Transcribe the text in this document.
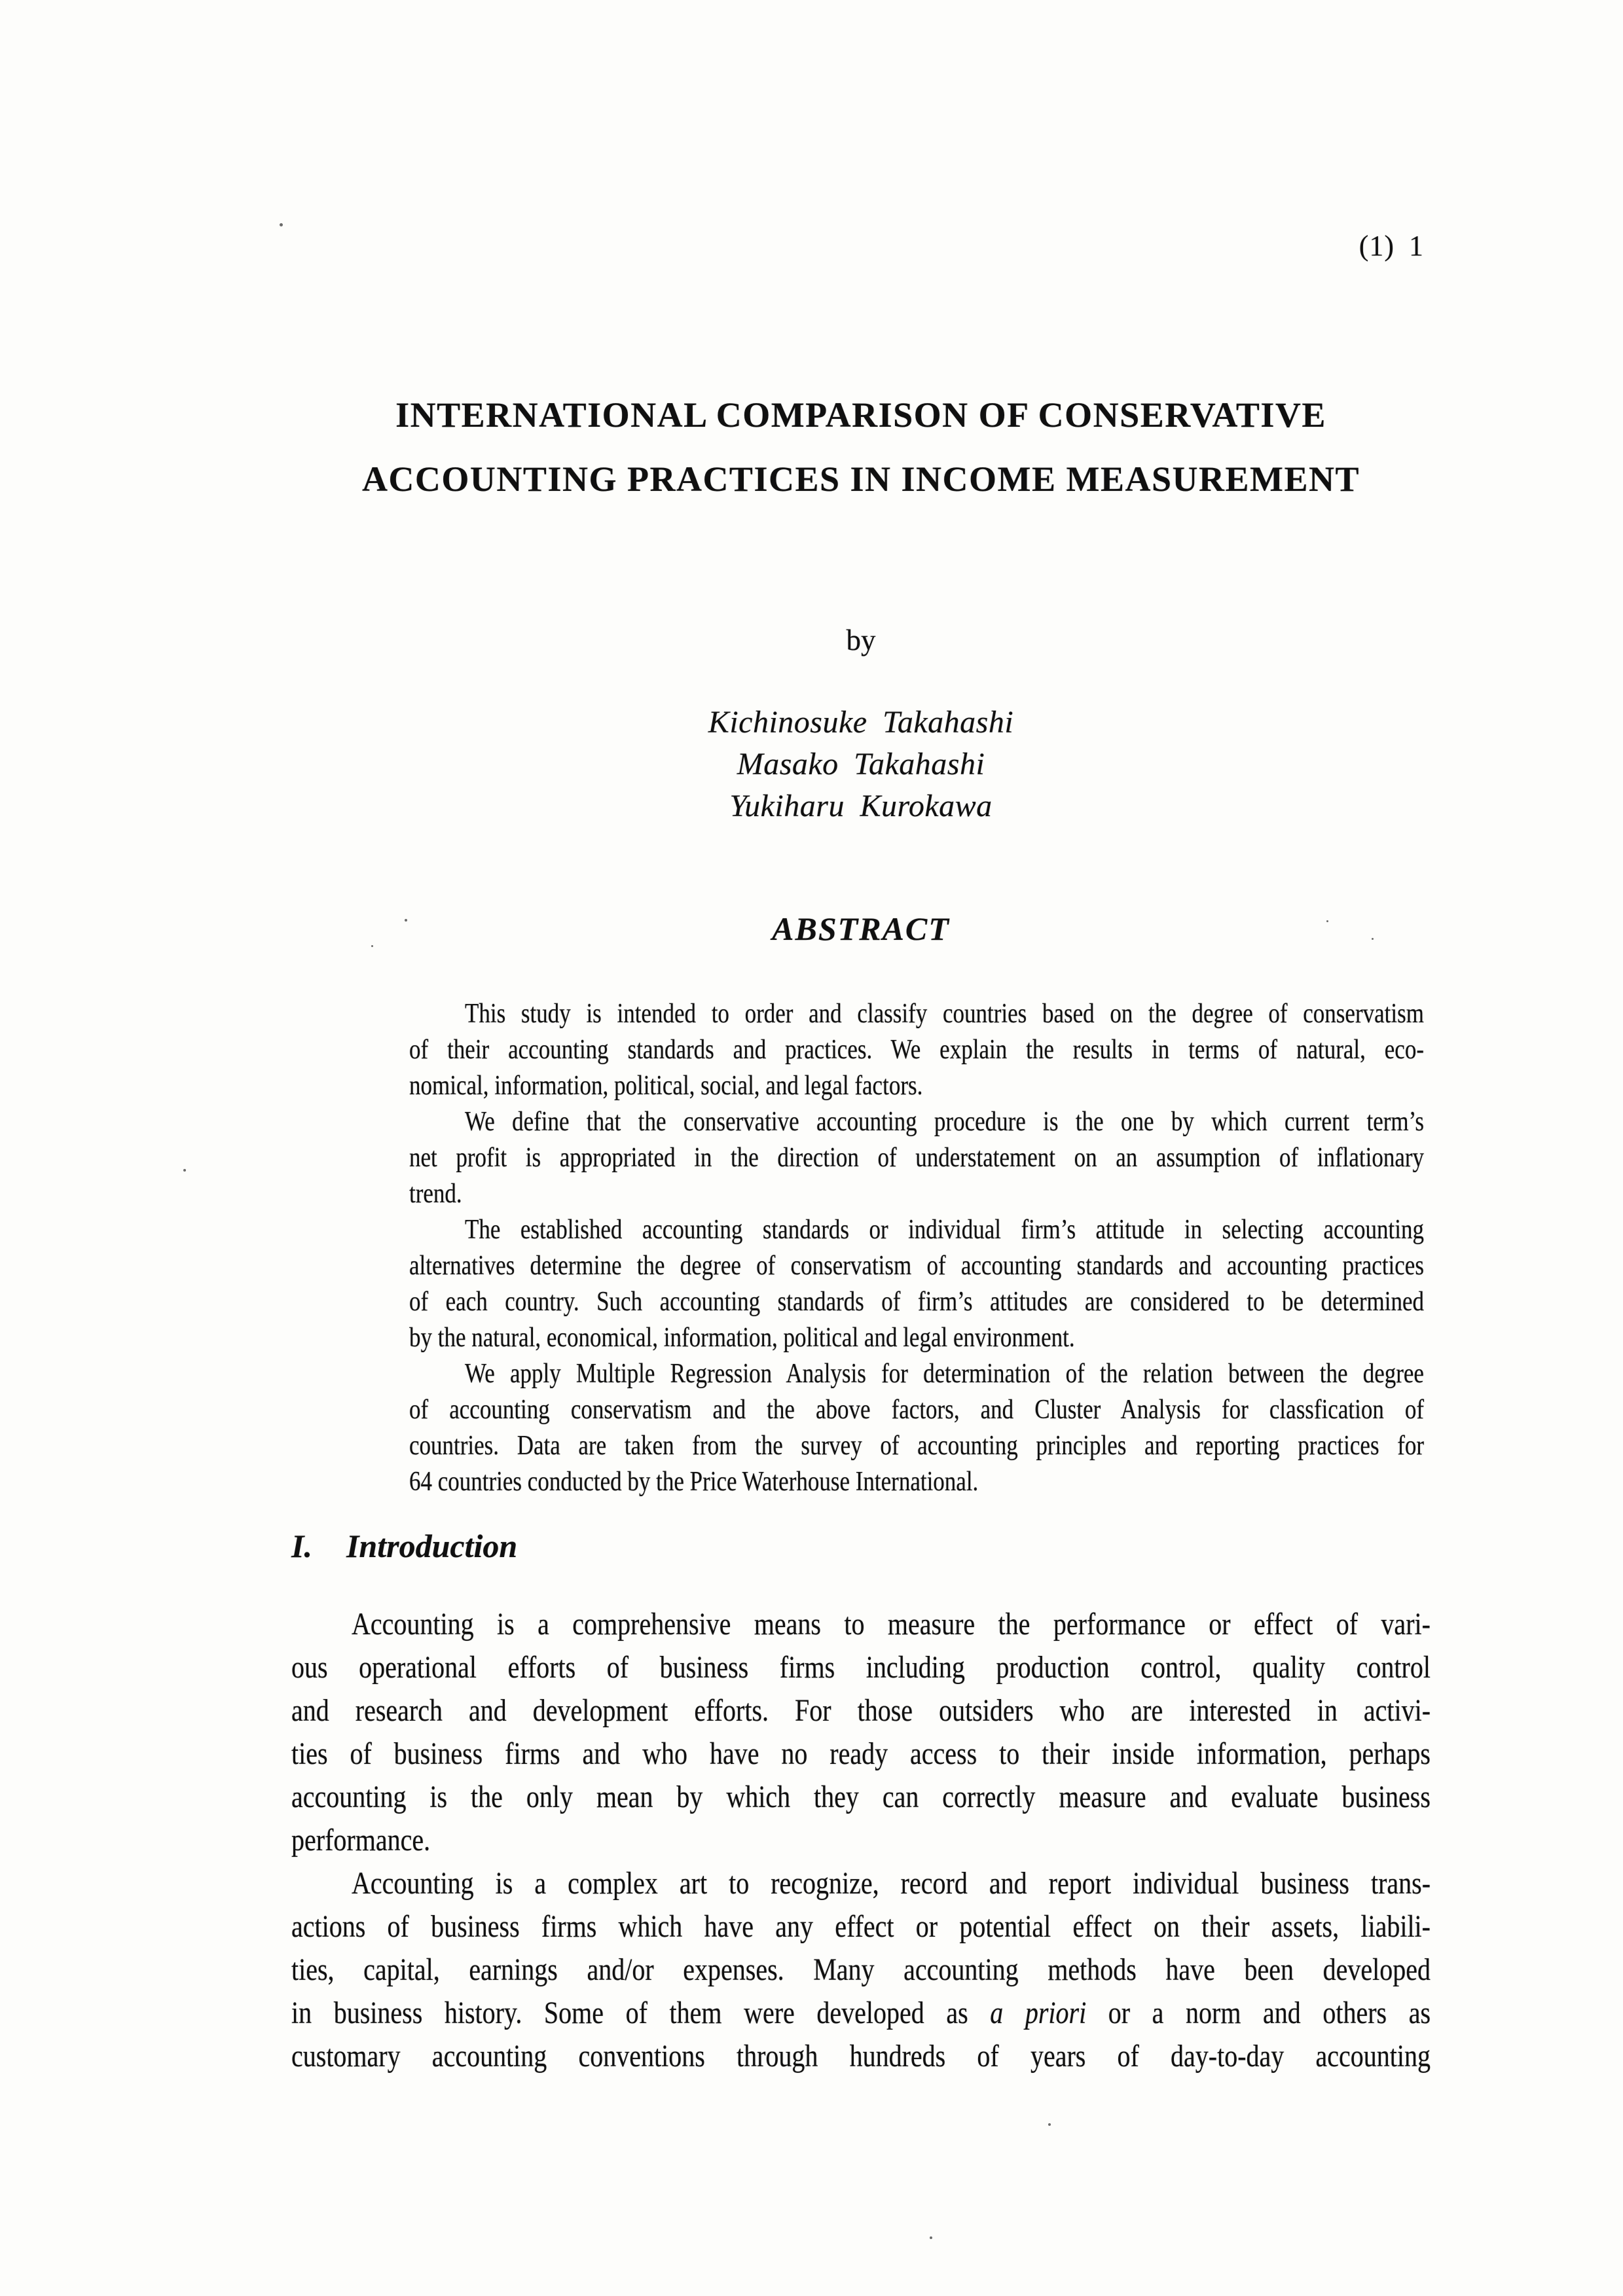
(1) 1
INTERNATIONAL COMPARISON OF CONSERVATIVE
ACCOUNTING PRACTICES IN INCOME MEASUREMENT
by
Kichinosuke Takahashi
Masako Takahashi
Yukiharu Kurokawa
ABSTRACT
This study is intended to order and classify countries based on the degree of conservatism
of their accounting standards and practices. We explain the results in terms of natural, eco-
nomical, information, political, social, and legal factors.
We define that the conservative accounting procedure is the one by which current term’s
net profit is appropriated in the direction of understatement on an assumption of inflationary
trend.
The established accounting standards or individual firm’s attitude in selecting accounting
alternatives determine the degree of conservatism of accounting standards and accounting practices
of each country. Such accounting standards of firm’s attitudes are considered to be determined
by the natural, economical, information, political and legal environment.
We apply Multiple Regression Analysis for determination of the relation between the degree
of accounting conservatism and the above factors, and Cluster Analysis for classfication of
countries. Data are taken from the survey of accounting principles and reporting practices for
64 countries conducted by the Price Waterhouse International.
I. Introduction
Accounting is a comprehensive means to measure the performance or effect of vari-
ous operational efforts of business firms including production control, quality control
and research and development efforts. For those outsiders who are interested in activi-
ties of business firms and who have no ready access to their inside information, perhaps
accounting is the only mean by which they can correctly measure and evaluate business
performance.
Accounting is a complex art to recognize, record and report individual business trans-
actions of business firms which have any effect or potential effect on their assets, liabili-
ties, capital, earnings and/or expenses. Many accounting methods have been developed
in business history. Some of them were developed as a priori or a norm and others as
customary accounting conventions through hundreds of years of day-to-day accounting
